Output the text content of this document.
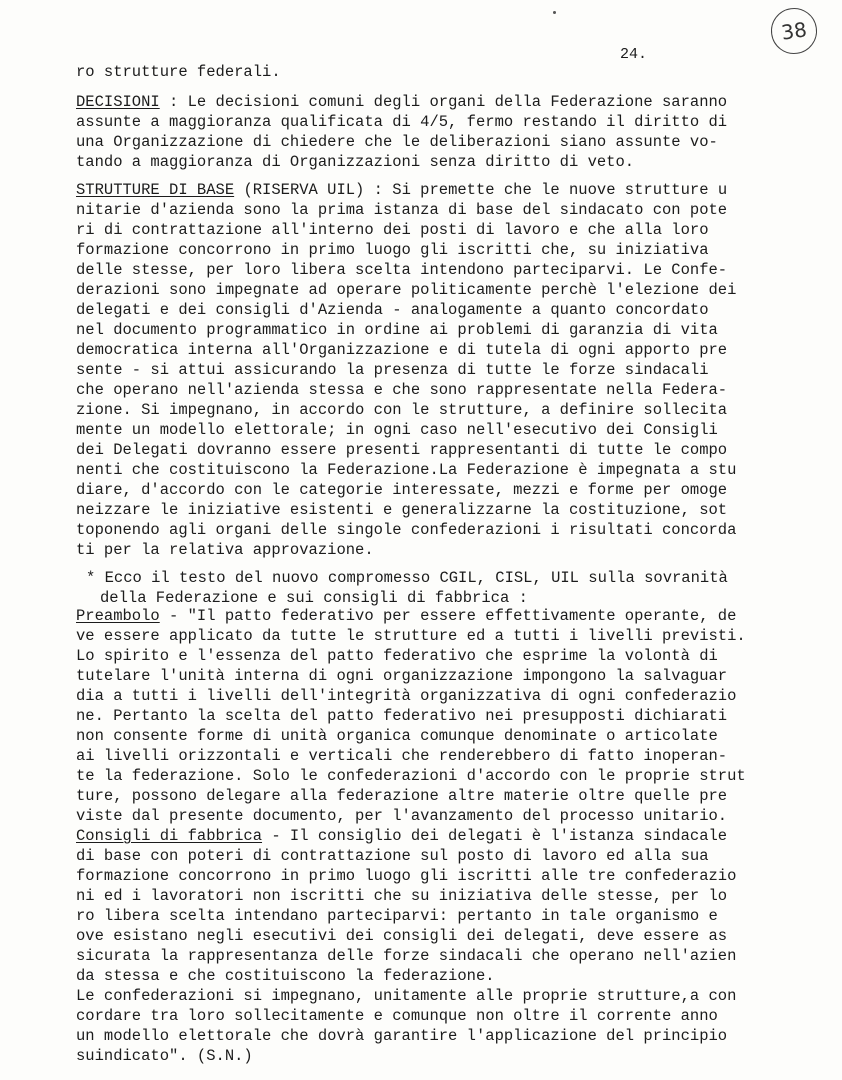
38
24.

ro strutture federali.

DECISIONI : Le decisioni comuni degli organi della Federazione saranno

assunte a maggioranza qualificata di 4/5, fermo restando il diritto di

una Organizzazione di chiedere che le deliberazioni siano assunte vo-

tando a maggioranza di Organizzazioni senza diritto di veto.

STRUTTURE DI BASE (RISERVA UIL) : Si premette che le nuove strutture u

nitarie d'azienda sono la prima istanza di base del sindacato con pote

ri di contrattazione all'interno dei posti di lavoro e che alla loro

formazione concorrono in primo luogo gli iscritti che, su iniziativa

delle stesse, per loro libera scelta intendono parteciparvi. Le Confe-

derazioni sono impegnate ad operare politicamente perchè l'elezione dei

delegati e dei consigli d'Azienda - analogamente a quanto concordato

nel documento programmatico in ordine ai problemi di garanzia di vita

democratica interna all'Organizzazione e di tutela di ogni apporto pre

sente - si attui assicurando la presenza di tutte le forze sindacali

che operano nell'azienda stessa e che sono rappresentate nella Federa-

zione. Si impegnano, in accordo con le strutture, a definire sollecita

mente un modello elettorale; in ogni caso nell'esecutivo dei Consigli

dei Delegati dovranno essere presenti rappresentanti di tutte le compo

nenti che costituiscono la Federazione.La Federazione è impegnata a stu

diare, d'accordo con le categorie interessate, mezzi e forme per omoge

neizzare le iniziative esistenti e generalizzarne la costituzione, sot

toponendo agli organi delle singole confederazioni i risultati concorda

ti per la relativa approvazione.

* Ecco il testo del nuovo compromesso CGIL, CISL, UIL sulla sovranità

della Federazione e sui consigli di fabbrica :

Preambolo - "Il patto federativo per essere effettivamente operante, de

ve essere applicato da tutte le strutture ed a tutti i livelli previsti.

Lo spirito e l'essenza del patto federativo che esprime la volontà di

tutelare l'unità interna di ogni organizzazione impongono la salvaguar

dia a tutti i livelli dell'integrità organizzativa di ogni confederazio

ne. Pertanto la scelta del patto federativo nei presupposti dichiarati

non consente forme di unità organica comunque denominate o articolate

ai livelli orizzontali e verticali che renderebbero di fatto inoperan-

te la federazione. Solo le confederazioni d'accordo con le proprie strut

ture, possono delegare alla federazione altre materie oltre quelle pre

viste dal presente documento, per l'avanzamento del processo unitario.

Consigli di fabbrica - Il consiglio dei delegati è l'istanza sindacale

di base con poteri di contrattazione sul posto di lavoro ed alla sua

formazione concorrono in primo luogo gli iscritti alle tre confederazio

ni ed i lavoratori non iscritti che su iniziativa delle stesse, per lo

ro libera scelta intendano parteciparvi: pertanto in tale organismo e

ove esistano negli esecutivi dei consigli dei delegati, deve essere as

sicurata la rappresentanza delle forze sindacali che operano nell'azien

da stessa e che costituiscono la federazione.

Le confederazioni si impegnano, unitamente alle proprie strutture,a con

cordare tra loro sollecitamente e comunque non oltre il corrente anno

un modello elettorale che dovrà garantire l'applicazione del principio

suindicato". (S.N.)
